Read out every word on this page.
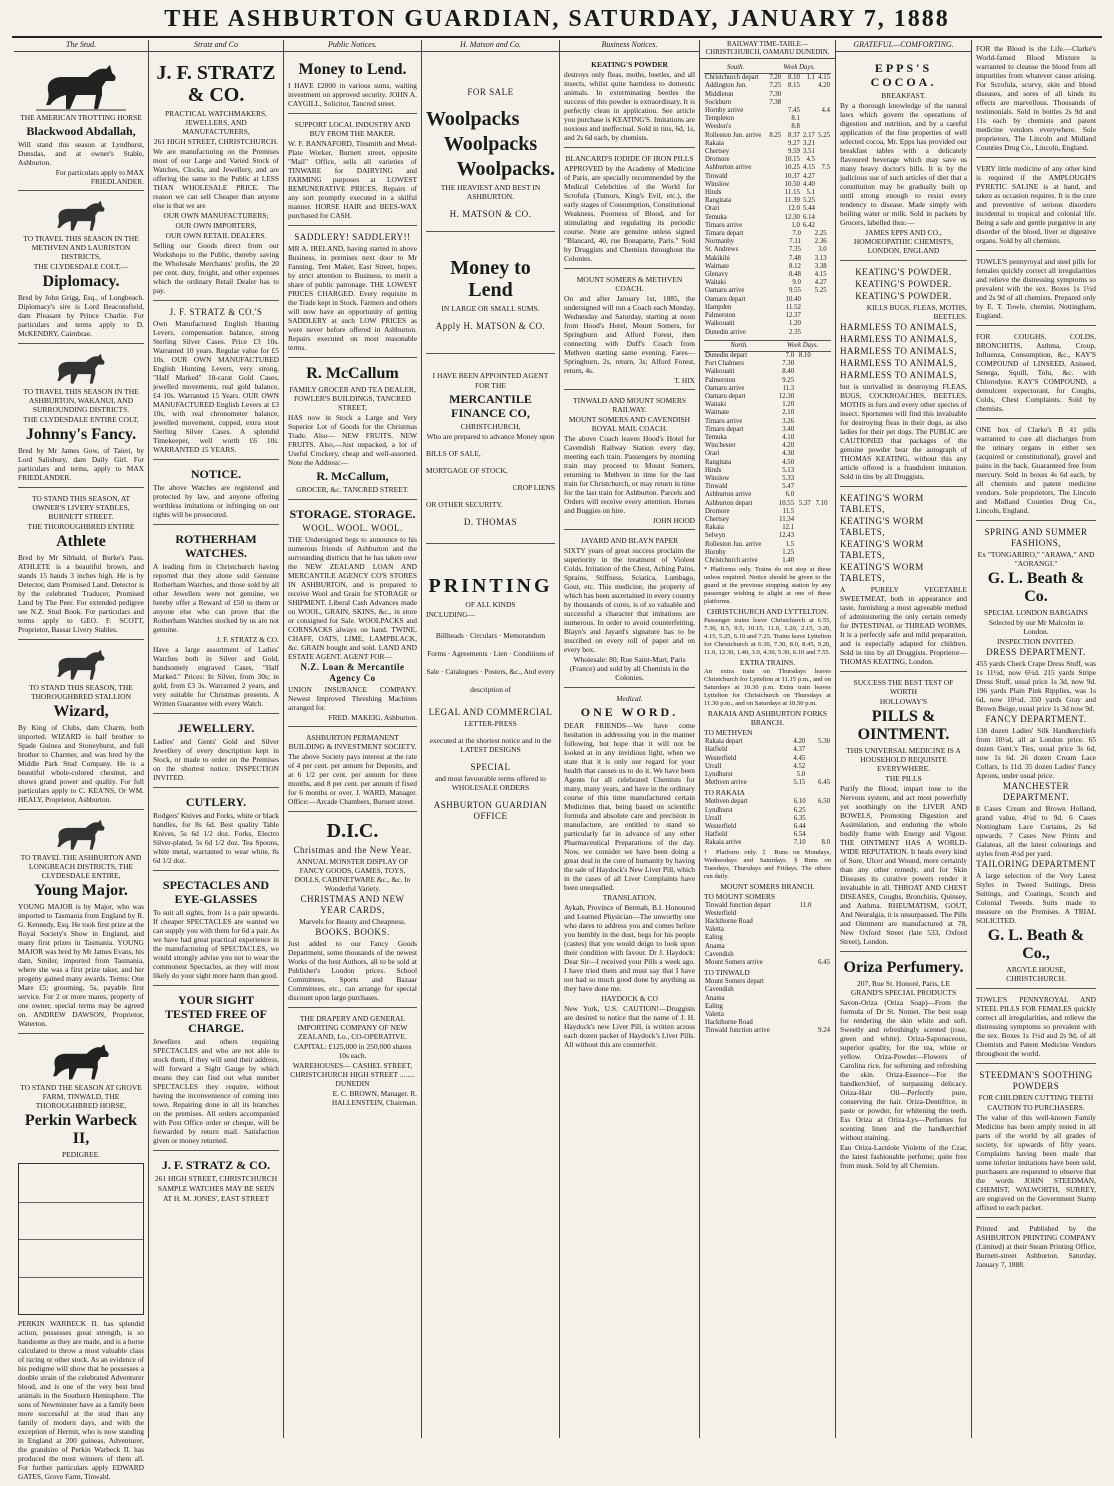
THE ASHBURTON GUARDIAN, SATURDAY, JANUARY 7, 1888
The Stud.
THE AMERICAN TROTTING HORSE
Blackwood Abdallah,
Will stand this season at Lyndhurst, Dunsdas, and at owner's Stable, Ashburton.
For particulars apply to MAX FRIEDLANDER.
TO TRAVEL THIS SEASON IN THE METHVEN AND LAURISTON DISTRICTS,
THE CLYDESDALE COLT,—
Diplomacy.
Bred by John Grigg, Esq., of Longbeach. Diplomacy's sire is Lord Beaconsfield, dam Pleasant by Prince Charlie. For particulars and terms apply to D. McKENDRY, Cairnbrae.
TO TRAVEL THIS SEASON IN THE ASHBURTON, WAKANUI, AND SURROUNDING DISTRICTS.
THE CLYDESDALE ENTIRE COLT,
Johnny's Fancy.
Bred by Mr James Gow, of Taieri, by Lord Salisbury, dam Daily Girl. For particulars and terms, apply to MAX FRIEDLANDER.
TO STAND THIS SEASON, AT OWNER'S LIVERY STABLES, BURNETT STREET.
THE THOROUGHBRED ENTIRE
Athlete
Bred by Mr Sibbald, of Burke's Pass. ATHLETE is a beautiful brown, and stands 15 hands 3 inches high. He is by Detector, dam Promised Land. Detector is by the celebrated Traducer, Promised Land by The Peer. For extended pedigree see N.Z. Stud Book. For particulars and terms apply to GEO. F. SCOTT, Proprietor, Bassar Livery Stables.
TO STAND THIS SEASON, THE THOROUGHBRED STALLION
Wizard,
By King of Clubs, dam Charm, both imported. WIZARD is half brother to Spade Guinea and Stoneyhurst, and full brother to Charmer, and was bred by the Middle Park Stud Company. He is a beautiful whole-colored chestnut, and shows grand power and quality. For full particulars apply to C. KEA'NS, Or WM. HEALY, Proprietor, Ashburton.
TO TRAVEL THE ASHBURTON AND LONGBEACH DISTRICTS, THE CLYDESDALE ENTIRE,
Young Major.
YOUNG MAJOR is by Major, who was imported to Tasmania from England by R. G. Kennedy, Esq. He took first prize at the Royal Society's Show in England, and many first prizes in Tasmania. YOUNG MAJOR was bred by Mr James Evans, his dam, Smiler, imported from Tasmania, where she was a first prize taker, and her progeny gained many awards. Terms: One Mare £5; grooming, 5s, payable first service. For 2 or more mares, property of one owner, special terms may be agreed on. ANDREW DAWSON, Proprietor, Waterton.
TO STAND THE SEASON AT GROVE FARM, TINWALD, THE THOROUGHBRED HORSE,
Perkin Warbeck II,
PEDIGREE.
PERKIN WARBECK II. has splendid action, possesses great strength, is so handsome as they are made, and is a horse calculated to throw a most valuable class of racing or other stock. As an evidence of his pedigree will show that he possesses a double strain of the celebrated Adventurer blood, and is one of the very best bred animals in the Southern Hemisphere. The sons of Newminster have as a family been more successful at the stud than any family of modern days, and with the exception of Hermit, who is now standing in England at 200 guineas, Adventurer, the grandsire of Perkin Warbeck II. has produced the most winners of them all. For further particulars apply EDWARD GATES, Grove Farm, Tinwald.
Stratz and Co
J. F. STRATZ & CO.
PRACTICAL WATCHMAKERS, JEWELLERS, AND MANUFACTURERS,
261 HIGH STREET, CHRISTCHURCH.
We are manufacturing on the Premises most of our Large and Varied Stock of Watches, Clocks, and Jewellery, and are offering the same to the Public at LESS THAN WHOLESALE PRICE. The reason we can sell Cheaper than anyone else is that we are
OUR OWN MANUFACTURERS;
OUR OWN IMPORTERS,
OUR OWN RETAIL DEALERS.
Selling our Goods direct from our Workshops to the Public, thereby saving the Wholesale Merchants' profits, the 20 per cent. duty, freight, and other expenses which the ordinary Retail Dealer has to pay.
J. F. STRATZ & CO.'S
Own Manufactured English Hunting Levers, compensation balance, strong Sterling Silver Cases. Price £3 10s. Warranted 10 years. Regular value for £5 10s. OUR OWN MANUFACTURED English Hunting Levers, very strong, "Half Marked" 18-carat Gold Cases, jewelled movements, real gold balance, £4 10s. Warranted 15 Years. OUR OWN MANUFACTURED English Levers at £3 10s, with real chronometer balance, jewelled movement, cupped, extra stout Sterling Silver Cases. A splendid Timekeeper, well worth £6 10s. WARRANTED 15 YEARS.
NOTICE.
The above Watches are registered and protected by law, and anyone offering worthless imitations or infringing on our rights will be prosecuted.
ROTHERHAM WATCHES.
A leading firm in Christchurch having reported that they alone sold Genuine Rotherham Watches, and those sold by all other Jewellers were not genuine, we hereby offer a Reward of £50 to them or anyone else who can prove that the Rotherham Watches stocked by us are not genuine.
J. F. STRATZ & CO.
Have a large assortment of Ladies' Watches both in Silver and Gold, handsomely engraved Cases, "Half Marked." Prices: In Silver, from 30s; in gold, from £3 3s. Warranted 2 years, and very suitable for Christmas presents. A Written Guarantee with every Watch.
JEWELLERY.
Ladies' and Gents' Gold and Silver Jewellery of every description kept in Stock, or made to order on the Premises on the shortest notice. INSPECTION INVITED.
CUTLERY.
Rodgers' Knives and Forks, white or black handles, for 8s 6d. Best quality Table Knives, 5s 6d 1/2 doz. Forks, Electro Silver-plated, 5s 6d 1/2 doz. Tea Spoons, white metal, warranted to wear white, 8s 6d 1/2 doz.
SPECTACLES AND EYE-GLASSES
To suit all sights, from 1s a pair upwards. If cheaper SPECTACLES are wanted we can supply you with them for 6d a pair. As we have had great practical experience in the manufacturing of SPECTACLES, we would strongly advise you not to wear the commonest Spectacles, as they will most likely do your sight more harm than good.
YOUR SIGHT TESTED FREE OF CHARGE.
Jewellers and others requiring SPECTACLES and who are not able to stock them, if they will send their address, will forward a Sight Gauge by which means they can find out what number SPECTACLES they require, without having the inconvenience of coming into town. Repairing done in all its branches on the premises. All orders accompanied with Post Office order or cheque, will be forwarded by return mail. Satisfaction given or money returned.
J. F. STRATZ & CO.
261 HIGH STREET, CHRISTCHURCH
SAMPLE WATCHES MAY BE SEEN
AT H. M. JONES', EAST STREET
Public Notices.
Money to Lend.
I HAVE £2000 in various sums, waiting investment on approved security. JOHN A. CAYGILL, Solicitor, Tancred street.
SUPPORT LOCAL INDUSTRY AND BUY FROM THE MAKER.
W. F. BANNAFORD, Tinsmith and Metal-Plate Worker, Burnett street, opposite "Mail" Office, sells all varieties of TINWARE for DAIRYING and FARMING purposes at LOWEST REMUNERATIVE PRICES. Repairs of any sort promptly executed in a skilful manner. HORSE HAIR and BEES-WAX purchased for CASH.
SADDLERY! SADDLERY!!
MR A. IRELAND, having started in above Business, in premises next door to Mr Fanning, Tent Maker, East Street, hopes, by strict attention to Business, to merit a share of public patronage. THE LOWEST PRICES CHARGED. Every requisite in the Trade kept in Stock. Farmers and others will now have an opportunity of getting SADDLERY at such LOW PRICES as were never before offered in Ashburton. Repairs executed on most reasonable terms.
R. McCallum
FAMILY GROCER AND TEA DEALER, FOWLER'S BUILDINGS, TANCRED STREET,
HAS now in Stock a Large and Very Superior Lot of Goods for the Christmas Trade. Also— NEW FRUITS. NEW FRUITS. Also,—Just unpacked, a lot of Useful Crockery, cheap and well-assorted. Note the Address:—
R. McCallum,
GROCER, &c. TANCRED STREET.
STORAGE. STORAGE.
WOOL. WOOL. WOOL.
THE Undersigned begs to announce to his numerous friends of Ashburton and the surrounding districts that he has taken over the NEW ZEALAND LOAN AND MERCANTILE AGENCY CO'S STORES IN ASHBURTON, and is prepared to receive Wool and Grain for STORAGE or SHIPMENT. Liberal Cash Advances made on WOOL, GRAIN, SKINS, &c., in store or consigned for Sale. WOOLPACKS and CORNSACKS always on hand. TWINE, CHAFF, OATS, LIME, LAMPBLACK, &c. GRAIN bought and sold. LAND AND ESTATE AGENT. AGENT FOR—
N.Z. Loan & Mercantile Agency Co
UNION INSURANCE COMPANY. Newest Improved Threshing Machines arranged for.
FRED. MAKEIG, Ashburton.
ASHBURTON PERMANENT BUILDING & INVESTMENT SOCIETY.
The above Society pays interest at the rate of 4 per cent. per annum for Deposits, and at 6 1/2 per cent. per annum for three months, and 8 per cent. per annum if fixed for 6 months or over. J. WARD, Manager. Office:—Arcade Chambers, Burnett street.
D.I.C.
Christmas and the New Year.
ANNUAL MONSTER DISPLAY OF FANCY GOODS, GAMES, TOYS, DOLLS, CABINETWARE &c., &c. In Wonderful Variety.
CHRISTMAS AND NEW YEAR CARDS,
Marvels for Beauty and Cheapness.
BOOKS. BOOKS.
Just added to our Fancy Goods Department, some thousands of the newest Works of the best Authors, all to be sold at Publisher's London prices. School Committees, Sports and Bazaar Committees, etc., can arrange for special discount upon large purchases.
THE DRAPERY AND GENERAL IMPORTING COMPANY OF NEW ZEALAND, Lo., CO-OPERATIVE.
CAPITAL: £125,000 in 250,000 shares 10s each.
WAREHOUSES— CASHEL STREET, CHRISTCHURCH HIGH STREET ........ DUNEDIN
E. C. BROWN, Manager. R. HALLENSTEIN, Chairman.
H. Matson and Co.
FOR SALE
Woolpacks
Woolpacks
Woolpacks.
THE HEAVIEST AND BEST IN ASHBURTON.
H. MATSON & CO.
Money to Lend
IN LARGE OR SMALL SUMS.
Apply H. MATSON & CO.
I HAVE BEEN APPOINTED AGENT
FOR THE
MERCANTILE FINANCE CO,
CHRISTCHURCH,
Who are prepared to advance Money upon
BILLS OF SALE,
MORTGAGE OF STOCK,
CROP LIENS
OR OTHER SECURITY.
D. THOMAS
PRINTING
OF ALL KINDS
INCLUDING—
Billheads · Circulars · Memorandum Forms · Agreements · Lien · Conditions of Sale · Catalogues · Posters, &c., And every description of
LEGAL AND COMMERCIAL
LETTER-PRESS
executed at the shortest notice and in the LATEST DESIGNS
SPECIAL
and most favourable terms offered to WHOLESALE ORDERS
ASHBURTON GUARDIAN OFFICE
Business Notices.
KEATING'S POWDER
destroys only fleas, moths, beetles, and all insects, whilst quite harmless to domestic animals. In exterminating beetles the success of this powder is extraordinary. It is perfectly clean in application. See article you purchase is KEATING'S. Imitations are noxious and ineffectual. Sold in tins, 6d, 1s, and 2s 6d each, by chemists.
BLANCARD'S IODIDE OF IRON PILLS
APPROVED by the Academy of Medicine of Paris, are specially recommended by the Medical Celebrities of the World for Scrofula (Tumors, King's Evil, etc.), the early stages of Consumption, Constitutional Weakness, Poorness of Blood, and for stimulating and regulating its periodic course. None are genuine unless signed "Blancard, 40, rue Bonaparte, Paris." Sold by Druggists and Chemists throughout the Colonies.
MOUNT SOMERS & METHVEN COACH.
On and after January 1st, 1885, the undersigned will run a Coach each Monday, Wednesday and Saturday, starting at noon from Hood's Hotel, Mount Somers, for Springburn and Alford Forest, then connecting with Duff's Coach from Methven starting same evening. Fares—Springburn, 2s, return, 3s; Alford Forest, return, 4s.
T. HIX
TINWALD AND MOUNT SOMERS RAILWAY.
MOUNT SOMERS AND CAVENDISH ROYAL MAIL COACH.
The above Coach leaves Hood's Hotel for Cavendish Railway Station every day, meeting each train. Passengers by morning train may proceed to Mount Somers, returning to Methven in time for the last train for Christchurch, or may return in time for the last train for Ashburton. Parcels and Orders will receive every attention. Horses and Buggies on hire.
JOHN HOOD
JAYARD AND BLAYN PAPER
SIXTY years of great success proclaim the superiority in the treatment of Violent Colds, Irritation of the Chest, Aching Pains, Sprains, Stiffness, Sciatica, Lumbago, Gout, etc. This medicine, the property of which has been ascertained in every country by thousands of cures, is of so valuable and successful a character that imitations are numerous. In order to avoid counterfeiting, Blayn's and Jayard's signature has to be inscribed on every roll of paper and on every box.
Wholesale: 80, Rue Saint-Mart, Paris (France) and sold by all Chemists in the Colonies.
Medical.
ONE WORD.
DEAR FRIENDS—We have come hesitation in addressing you in the manner following, but hope that it will not be looked at in any invidious light, when we state that it is only our regard for your health that causes us to do it. We have been Agents for all celebrated Chemists for many, many years, and have in the ordinary course of this time manufactured certain Medicines that, being based on scientific formula and absolute care and precision in manufacture, are entitled to stand so particularly far in advance of any other Pharmaceutical Preparations of the day. Now, we consider we have been doing a great deal in the cure of humanity by having the sale of Haydock's New Liver Pill, which in the cases of all Liver Complaints have been unequalled.
TRANSLATION.
Aykab, Province of Bermah, B.I. Honoured and Learned Physician—The unworthy one who dares to address you and comes before you humbly in the dust, begs for his people (castes) that you would deign to look upon their condition with favour. Dr J. Haydock: Dear Sir—I received your Pills a week ago. I have tried them and must say that I have not had so much good done by anything as they have done me.
HAYDOCK & CO
New York, U.S. CAUTION!—Druggists are desired to notice that the name of J. H. Haydock's new Liver Pill, is written across each dozen packet of Haydock's Liver Pills. All without this are counterfeit.
RAILWAY TIME-TABLE—CHRISTCHURCH, OAMARU DUNEDIN.
South.	Week Days.			
Christchurch depart	7.20	8.10	1.1	4.15
Addington Jun.	7.25	8.15		4.20
Middleton	7.30			
Sockburn	7.38			
Hornby arrive		7.45		4.4
Templeton		8.1		
Weedon's		8.8		
Rolleston Jun. arrive	8.25	8.37	2.17	5.25
Rakaia		9.27	3.21	
Chertsey		9.59	3.51	
Dromore		10.15	4.5	
Ashburton arrive		10.25	4.15	7.5
Tinwald		10.37	4.27	
Winslow		10.50	4.40	
Hinds		11.15	5.1	
Rangitata		11.39	5.25	
Orari		12.0	5.44	
Temuka		12.30	6.14	
Timaru arrive		1.0	6.42	
Timaru depart	7.0		2.25	
Normanby	7.11		2.36	
St. Andrews	7.35		3.0	
Makikihi	7.48		3.13	
Waimate	8.12		3.38	
Glenavy	8.48		4.15	
Waitaki	9.0		4.27	
Oamaru arrive	9.55		5.25	
Oamaru depart	10.40			
Hampden	11.52			
Palmerston	12.37			
Waikouaiti	1.20			
Dunedin arrive	2.35			
North.	Week Days.			
Dunedin depart	7.0	8.10		
Port Chalmers	7.30			
Waikouaiti	8.40			
Palmerston	9.25			
Oamaru arrive	11.3			
Oamaru depart	12.30			
Waitaki	1.20			
Waimate	2.10			
Timaru arrive	3.26			
Timaru depart	3.40			
Temuka	4.10			
Winchester	4.20			
Orari	4.30			
Rangitata	4.50			
Hinds	5.13			
Winslow	5.33			
Tinwald	5.47			
Ashburton arrive	6.0			
Ashburton depart	10.55	5.37	7.10	
Dromore	11.5			
Chertsey	11.34			
Rakaia	12.1			
Selwyn	12.43			
Rolleston Jun. arrive	1.5			
Hornby	1.25			
Christchurch arrive	1.40			
* Platforms only. Trains do not stop at these unless required. Notice should be given to the guard at the previous stopping station by any passenger wishing to alight at one of these platforms.
CHRISTCHURCH AND LYTTELTON.
Passenger trains leave Christchurch at 6.55, 7.30, 8.5, 9.5, 10.15, 11.0, 1.20, 2.15, 3.20, 4.15, 5.25, 6.10 and 7.25. Trains leave Lyttelton for Christchurch at 6.30, 7.30, 8.0, 8.45, 9.20, 11.0, 12.30, 1.40, 3.0, 4.30, 5.30, 6.10 and 7.55.
EXTRA TRAINS.
An extra train on Thursdays leaves Christchurch for Lyttelton at 11.15 p.m., and on Saturdays at 10.30 p.m. Extra train leaves Lyttelton for Christchurch on Thursdays at 11.30 p.m., and on Saturdays at 10.50 p.m.
RAKAIA AND ASHBURTON FORKS BRANCH.
TO METHVEN
Rakaia depart	4.20	5.30
Hatfield	4.37	
Westerfield	4.45	
Urrall	4.52	
Lyndhurst	5.0	
Methven arrive	5.15	6.45
TO RAKAIA
Methven depart	6.10	6.50
Lyndhurst	6.25	
Urrall	6.35	
Westerfield	6.44	
Hatfield	6.54	
Rakaia arrive	7.10	8.0
† Platform only. ‡ Runs on Mondays, Wednesdays and Saturdays. § Runs on Tuesdays, Thursdays and Fridays. The others run daily.
MOUNT SOMERS BRANCH.
TO MOUNT SOMERS
Tinwald Junction depart	11.0	
Westerfield		
Hackthorne Road		
Valetta		
Ealing		
Anama		
Cavendish		
Mount Somers arrive		6.45
TO TINWALD
Mount Somers depart		
Cavendish		
Anama		
Ealing		
Valetta		
Hackthorne Road		
Tinwald Junction arrive		9.24
GRATEFUL—COMFORTING.
EPPS'S COCOA.
BREAKFAST.
By a thorough knowledge of the natural laws which govern the operations of digestion and nutrition, and by a careful application of the fine properties of well selected cocoa, Mr. Epps has provided our breakfast tables with a delicately flavoured beverage which may save us many heavy doctor's bills. It is by the judicious use of such articles of diet that a constitution may be gradually built up until strong enough to resist every tendency to disease. Made simply with boiling water or milk. Sold in packets by Grocers, labelled thus:—
JAMES EPPS AND CO., HOMOEOPATHIC CHEMISTS, LONDON, ENGLAND
KEATING'S POWDER.
KEATING'S POWDER.
KEATING'S POWDER.
KILLS BUGS, FLEAS, MOTHS, BEETLES.
HARMLESS TO ANIMALS,
HARMLESS TO ANIMALS,
HARMLESS TO ANIMALS,
HARMLESS TO ANIMALS,
HARMLESS TO ANIMALS,
but is unrivalled in destroying FLEAS, BUGS, COCKROACHES, BEETLES, MOTHS in furs and every other species of insect. Sportsmen will find this invaluable for destroying fleas in their dogs, as also ladies for their pet dogs. The PUBLIC are CAUTIONED that packages of the genuine powder bear the autograph of THOMAS KEATING, without this any article offered is a fraudulent imitation. Sold in tins by all Druggists.
KEATING'S WORM TABLETS,
KEATING'S WORM TABLETS,
KEATING'S WORM TABLETS,
KEATING'S WORM TABLETS,
A PURELY VEGETABLE SWEETMEAT, both in appearance and taste, furnishing a most agreeable method of administering the only certain remedy for INTESTINAL or THREAD WORMS. It is a perfectly safe and mild preparation, and is especially adapted for children. Sold in tins by all Druggists. Proprietor—THOMAS KEATING, London.
SUCCESS THE BEST TEST OF WORTH
HOLLOWAY'S
PILLS & OINTMENT.
THIS UNIVERSAL MEDICINE IS A HOUSEHOLD REQUISITE EVERYWHERE.
THE PILLS
Purify the Blood, impart tone to the Nervous system, and act most powerfully yet soothingly on the LIVER AND BOWELS, Promoting Digestion and Assimilation, and enduring the whole bodily frame with Energy and Vigour. THE OINTMENT HAS A WORLD-WIDE REPUTATION. It heals every kind of Sore, Ulcer and Wound, more certainly than any other remedy, and for Skin Diseases its curative powers render it invaluable in all. THROAT AND CHEST DISEASES, Coughs, Bronchitis, Quinsey, and Asthma. RHEUMATISM, GOUT, And Neuralgia, it is unsurpassed. The Pills and Ointment are manufactured at 78, New Oxford Street (late 533, Oxford Street), London.
Oriza Perfumery.
207, Rue St. Honoré, Paris, LE GRAND'S SPECIAL PRODUCTS
Savon-Oriza (Oriza Soap)—From the formula of Dr St. Noniet. The best soap for rendering the skin white and soft. Sweetly and refreshingly scented (rose, green and white). Oriza-Saponaceous, superior quality, for the tea, white or yellow. Oriza-Powder—Flowers of Carolina rice, for softening and refreshing the skin. Oriza-Essence—For the handkerchief, of surpassing delicacy. Oriza-Hair Oil—Perfectly pure, conserving the hair. Oriza-Dentifrice, in paste or powder, for whitening the teeth. Ess Oriza at Oriza-Lys—Perfumes for scenting linen and the handkerchief without staining.
Eau Oriza-Lactéole Violette of the Czar, the latest fashionable perfume; quite free from musk. Sold by all Chemists.
FOR the Blood is the Life.—Clarke's World-famed Blood Mixture is warranted to cleanse the blood from all impurities from whatever cause arising. For Scrofula, scurvy, skin and blood diseases, and sores of all kinds its effects are marvellous. Thousands of testimonials. Sold in bottles 2s 9d and 11s each by chemists and patent medicine vendors everywhere. Sole proprietors, The Lincoln and Midland Counties Drug Co., Lincoln, England.
VERY little medicine of any other kind is required if the AMPLOUGH'S PYRETIC SALINE is at hand, and taken as occasion requires. It is the cure and preventive of serious disorders incidental to tropical and colonial life. Being a safe and gentle purgative in any disorder of the blood, liver or digestive organs. Sold by all chemists.
TOWLE'S pennyroyal and steel pills for females quickly correct all irregularities and relieve the distressing symptoms so prevalent with the sex. Boxes 1s 1½d and 2s 9d of all chemists. Prepared only by E. T. Towle, chemist, Nottingham, England.
FOR COUGHS, COLDS, BRONCHITIS, Asthma, Croup, Influenza, Consumption, &c., KAY'S COMPOUND of LINSEED, Aniseed, Senega, Squill, Tolu, &c. with Chlorodyne. KAY'S COMPOUND, a demulcent expectorant, for Coughs, Colds, Chest Complaints. Sold by chemists.
ONE box of Clarke's B 41 pills warranted to cure all discharges from the urinary organs in either sex (acquired or constitutional), gravel and pains in the back. Guaranteed free from mercury. Sold in boxes 4s 6d each, by all chemists and patent medicine vendors. Sole proprietors, The Lincoln and Midland Counties Drug Co., Lincoln, England.
SPRING AND SUMMER FASHIONS,
Ex "TONGARIRO," "ARAWA," AND "AORANGI."
G. L. Beath & Co.
SPECIAL LONDON BARGAINS
Selected by our Mr Malcolm in London.
INSPECTION INVITED.
DRESS DEPARTMENT.
455 yards Check Crape Dress Stuff, was 1s 11½d, now 6½d. 215 yards Stripe Dress Stuff, usual price 1s 3d, now 9d. 196 yards Plain Pink Ripplies, was 1s 6d, now 10½d. 350 yards Gray and Brown Beige, usual price 1s 3d now 9d.
FANCY DEPARTMENT.
138 dozen Ladies' Silk Handkerchiefs from 10½d, all at London price. 65 dozen Gent.'s Ties, usual price 3s 6d, now 1s 6d. 26 dozen Cream Lace Collars, 1s 11d. 35 dozen Ladies' Fancy Aprons, under usual price.
MANCHESTER DEPARTMENT.
8 Cases Cream and Brown Holland, grand value, 4½d to 9d. 6 Cases Nottingham Lace Curtains, 2s 6d upwards. 7 Cases New Prints and Galateas, all the latest colourings and styles from 4½d per yard.
TAILORING DEPARTMENT
A large selection of the Very Latest Styles in Tweed Suitings, Dress Suitings, and Coatings, Scotch and Colonial Tweeds. Suits made to measure on the Premises. A TRIAL SOLICITED.
G. L. Beath & Co.,
ARGYLE HOUSE, CHRISTCHURCH.
TOWLE'S PENNYROYAL AND STEEL PILLS FOR FEMALES quickly correct all irregularities, and relieve the distressing symptoms so prevalent with the sex. Boxes 1s 1½d and 2s 9d, of all Chemists and Patent Medicine Vendors throughout the world.
STEEDMAN'S SOOTHING POWDERS
FOR CHILDREN CUTTING TEETH
CAUTION TO PURCHASERS.
The value of this well-known Family Medicine has been amply tested in all parts of the world by all grades of society, for upwards of fifty years. Complaints having been made that some inferior imitations have been sold, purchasers are requested to observe that the words JOHN STEEDMAN, CHEMIST, WALWORTH, SURREY, are engraved on the Government Stamp affixed to each packet.
Printed and Published by the ASHBURTON PRINTING COMPANY (Limited) at their Steam Printing Office, Burnett-street Ashburton. Saturday, January 7, 1888.
